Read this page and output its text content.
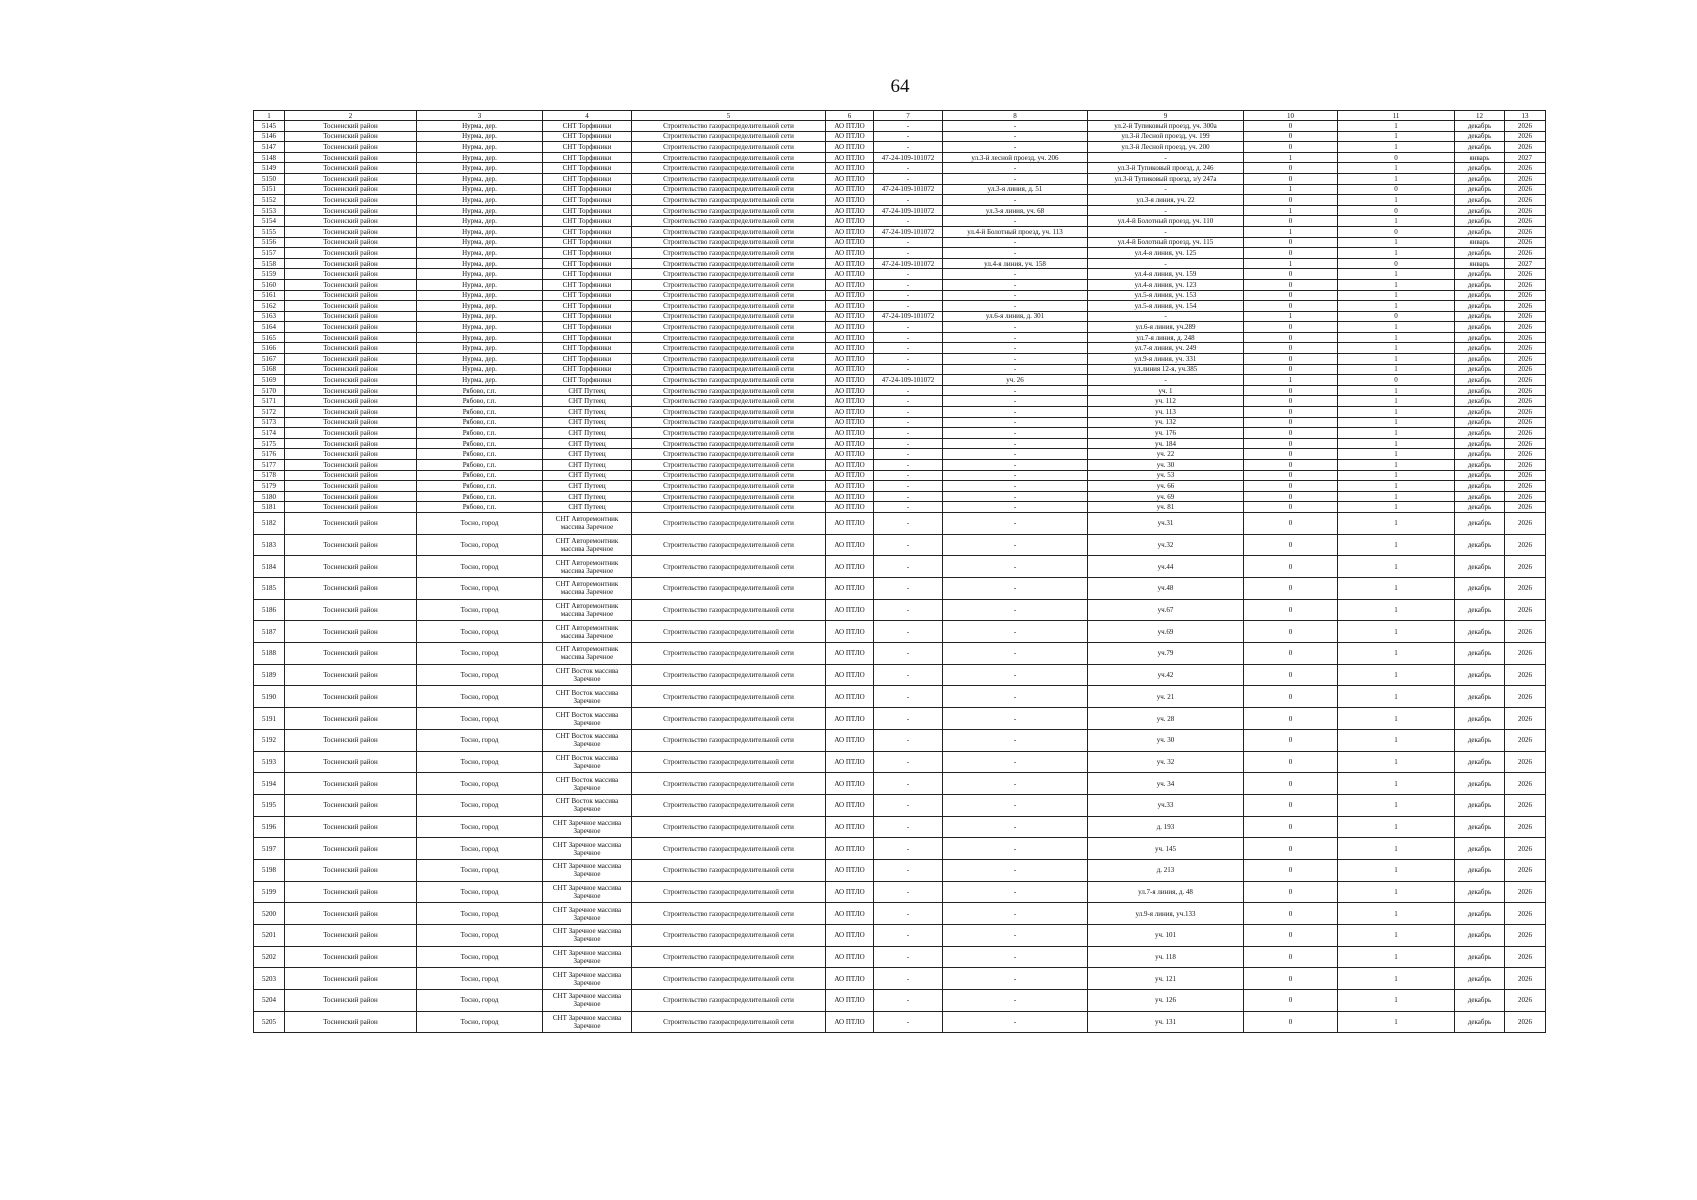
64
1	2	3	4	5	6	7	8	9	10	11	12	13
5145	Тосненский район	Нурма, дер.	СНТ Торфяники	Строительство газораспределительной сети	АО ПТЛО	-	-	ул.2-й Тупиковый проезд, уч. 300а	0	1	декабрь	2026
5146	Тосненский район	Нурма, дер.	СНТ Торфяники	Строительство газораспределительной сети	АО ПТЛО	-	-	ул.3-й Лесной проезд, уч. 199	0	1	декабрь	2026
5147	Тосненский район	Нурма, дер.	СНТ Торфяники	Строительство газораспределительной сети	АО ПТЛО	-	-	ул.3-й Лесной проезд, уч. 200	0	1	декабрь	2026
5148	Тосненский район	Нурма, дер.	СНТ Торфяники	Строительство газораспределительной сети	АО ПТЛО	47-24-109-101072	ул.3-й лесной проезд, уч. 206	-	1	0	январь	2027
5149	Тосненский район	Нурма, дер.	СНТ Торфяники	Строительство газораспределительной сети	АО ПТЛО	-	-	ул.3-й Тупиковый проезд, д. 246	0	1	декабрь	2026
5150	Тосненский район	Нурма, дер.	СНТ Торфяники	Строительство газораспределительной сети	АО ПТЛО	-	-	ул.3-й Тупиковый проезд, з/у 247а	0	1	декабрь	2026
5151	Тосненский район	Нурма, дер.	СНТ Торфяники	Строительство газораспределительной сети	АО ПТЛО	47-24-109-101072	ул.3-я линия, д. 51	-	1	0	декабрь	2026
5152	Тосненский район	Нурма, дер.	СНТ Торфяники	Строительство газораспределительной сети	АО ПТЛО	-	-	ул.3-я линия, уч. 22	0	1	декабрь	2026
5153	Тосненский район	Нурма, дер.	СНТ Торфяники	Строительство газораспределительной сети	АО ПТЛО	47-24-109-101072	ул.3-я линия, уч. 68	-	1	0	декабрь	2026
5154	Тосненский район	Нурма, дер.	СНТ Торфяники	Строительство газораспределительной сети	АО ПТЛО	-	-	ул.4-й Болотный проезд, уч. 110	0	1	декабрь	2026
5155	Тосненский район	Нурма, дер.	СНТ Торфяники	Строительство газораспределительной сети	АО ПТЛО	47-24-109-101072	ул.4-й Болотный проезд, уч. 113	-	1	0	декабрь	2026
5156	Тосненский район	Нурма, дер.	СНТ Торфяники	Строительство газораспределительной сети	АО ПТЛО	-	-	ул.4-й Болотный проезд, уч. 115	0	1	январь	2026
5157	Тосненский район	Нурма, дер.	СНТ Торфяники	Строительство газораспределительной сети	АО ПТЛО	-	-	ул.4-я линия, уч. 125	0	1	декабрь	2026
5158	Тосненский район	Нурма, дер.	СНТ Торфяники	Строительство газораспределительной сети	АО ПТЛО	47-24-109-101072	ул.4-я линия, уч. 158	-	1	0	январь	2027
5159	Тосненский район	Нурма, дер.	СНТ Торфяники	Строительство газораспределительной сети	АО ПТЛО	-	-	ул.4-я линия, уч. 159	0	1	декабрь	2026
5160	Тосненский район	Нурма, дер.	СНТ Торфяники	Строительство газораспределительной сети	АО ПТЛО	-	-	ул.4-я линия, уч. 123	0	1	декабрь	2026
5161	Тосненский район	Нурма, дер.	СНТ Торфяники	Строительство газораспределительной сети	АО ПТЛО	-	-	ул.5-я линия, уч. 153	0	1	декабрь	2026
5162	Тосненский район	Нурма, дер.	СНТ Торфяники	Строительство газораспределительной сети	АО ПТЛО	-	-	ул.5-я линия, уч. 154	0	1	декабрь	2026
5163	Тосненский район	Нурма, дер.	СНТ Торфяники	Строительство газораспределительной сети	АО ПТЛО	47-24-109-101072	ул.6-я линия, д. 301	-	1	0	декабрь	2026
5164	Тосненский район	Нурма, дер.	СНТ Торфяники	Строительство газораспределительной сети	АО ПТЛО	-	-	ул.6-я линия, уч.289	0	1	декабрь	2026
5165	Тосненский район	Нурма, дер.	СНТ Торфяники	Строительство газораспределительной сети	АО ПТЛО	-	-	ул.7-я линия, д. 248	0	1	декабрь	2026
5166	Тосненский район	Нурма, дер.	СНТ Торфяники	Строительство газораспределительной сети	АО ПТЛО	-	-	ул.7-я линия, уч. 249	0	1	декабрь	2026
5167	Тосненский район	Нурма, дер.	СНТ Торфяники	Строительство газораспределительной сети	АО ПТЛО	-	-	ул.9-я линия, уч. 331	0	1	декабрь	2026
5168	Тосненский район	Нурма, дер.	СНТ Торфяники	Строительство газораспределительной сети	АО ПТЛО	-	-	ул.линия 12-я, уч.385	0	1	декабрь	2026
5169	Тосненский район	Нурма, дер.	СНТ Торфяники	Строительство газораспределительной сети	АО ПТЛО	47-24-109-101072	уч. 26	-	1	0	декабрь	2026
5170	Тосненский район	Рябово, г.п.	СНТ Путеец	Строительство газораспределительной сети	АО ПТЛО	-	-	уч. 1	0	1	декабрь	2026
5171	Тосненский район	Рябово, г.п.	СНТ Путеец	Строительство газораспределительной сети	АО ПТЛО	-	-	уч. 112	0	1	декабрь	2026
5172	Тосненский район	Рябово, г.п.	СНТ Путеец	Строительство газораспределительной сети	АО ПТЛО	-	-	уч. 113	0	1	декабрь	2026
5173	Тосненский район	Рябово, г.п.	СНТ Путеец	Строительство газораспределительной сети	АО ПТЛО	-	-	уч. 132	0	1	декабрь	2026
5174	Тосненский район	Рябово, г.п.	СНТ Путеец	Строительство газораспределительной сети	АО ПТЛО	-	-	уч. 176	0	1	декабрь	2026
5175	Тосненский район	Рябово, г.п.	СНТ Путеец	Строительство газораспределительной сети	АО ПТЛО	-	-	уч. 184	0	1	декабрь	2026
5176	Тосненский район	Рябово, г.п.	СНТ Путеец	Строительство газораспределительной сети	АО ПТЛО	-	-	уч. 22	0	1	декабрь	2026
5177	Тосненский район	Рябово, г.п.	СНТ Путеец	Строительство газораспределительной сети	АО ПТЛО	-	-	уч. 30	0	1	декабрь	2026
5178	Тосненский район	Рябово, г.п.	СНТ Путеец	Строительство газораспределительной сети	АО ПТЛО	-	-	уч. 53	0	1	декабрь	2026
5179	Тосненский район	Рябово, г.п.	СНТ Путеец	Строительство газораспределительной сети	АО ПТЛО	-	-	уч. 66	0	1	декабрь	2026
5180	Тосненский район	Рябово, г.п.	СНТ Путеец	Строительство газораспределительной сети	АО ПТЛО	-	-	уч. 69	0	1	декабрь	2026
5181	Тосненский район	Рябово, г.п.	СНТ Путеец	Строительство газораспределительной сети	АО ПТЛО	-	-	уч. 81	0	1	декабрь	2026
5182	Тосненский район	Тосно, город	СНТ Авторемонтник массива Заречное	Строительство газораспределительной сети	АО ПТЛО	-	-	уч.31	0	1	декабрь	2026
5183	Тосненский район	Тосно, город	СНТ Авторемонтник массива Заречное	Строительство газораспределительной сети	АО ПТЛО	-	-	уч.32	0	1	декабрь	2026
5184	Тосненский район	Тосно, город	СНТ Авторемонтник массива Заречное	Строительство газораспределительной сети	АО ПТЛО	-	-	уч.44	0	1	декабрь	2026
5185	Тосненский район	Тосно, город	СНТ Авторемонтник массива Заречное	Строительство газораспределительной сети	АО ПТЛО	-	-	уч.48	0	1	декабрь	2026
5186	Тосненский район	Тосно, город	СНТ Авторемонтник массива Заречное	Строительство газораспределительной сети	АО ПТЛО	-	-	уч.67	0	1	декабрь	2026
5187	Тосненский район	Тосно, город	СНТ Авторемонтник массива Заречное	Строительство газораспределительной сети	АО ПТЛО	-	-	уч.69	0	1	декабрь	2026
5188	Тосненский район	Тосно, город	СНТ Авторемонтник массива Заречное	Строительство газораспределительной сети	АО ПТЛО	-	-	уч.79	0	1	декабрь	2026
5189	Тосненский район	Тосно, город	СНТ Восток массива Заречное	Строительство газораспределительной сети	АО ПТЛО	-	-	уч.42	0	1	декабрь	2026
5190	Тосненский район	Тосно, город	СНТ Восток массива Заречное	Строительство газораспределительной сети	АО ПТЛО	-	-	уч. 21	0	1	декабрь	2026
5191	Тосненский район	Тосно, город	СНТ Восток массива Заречное	Строительство газораспределительной сети	АО ПТЛО	-	-	уч. 28	0	1	декабрь	2026
5192	Тосненский район	Тосно, город	СНТ Восток массива Заречное	Строительство газораспределительной сети	АО ПТЛО	-	-	уч. 30	0	1	декабрь	2026
5193	Тосненский район	Тосно, город	СНТ Восток массива Заречное	Строительство газораспределительной сети	АО ПТЛО	-	-	уч. 32	0	1	декабрь	2026
5194	Тосненский район	Тосно, город	СНТ Восток массива Заречное	Строительство газораспределительной сети	АО ПТЛО	-	-	уч. 34	0	1	декабрь	2026
5195	Тосненский район	Тосно, город	СНТ Восток массива Заречное	Строительство газораспределительной сети	АО ПТЛО	-	-	уч.33	0	1	декабрь	2026
5196	Тосненский район	Тосно, город	СНТ Заречное массива Заречное	Строительство газораспределительной сети	АО ПТЛО	-	-	д. 193	0	1	декабрь	2026
5197	Тосненский район	Тосно, город	СНТ Заречное массива Заречное	Строительство газораспределительной сети	АО ПТЛО	-	-	уч. 145	0	1	декабрь	2026
5198	Тосненский район	Тосно, город	СНТ Заречное массива Заречное	Строительство газораспределительной сети	АО ПТЛО	-	-	д. 213	0	1	декабрь	2026
5199	Тосненский район	Тосно, город	СНТ Заречное массива Заречное	Строительство газораспределительной сети	АО ПТЛО	-	-	ул.7-я линия, д. 48	0	1	декабрь	2026
5200	Тосненский район	Тосно, город	СНТ Заречное массива Заречное	Строительство газораспределительной сети	АО ПТЛО	-	-	ул.9-я линия, уч.133	0	1	декабрь	2026
5201	Тосненский район	Тосно, город	СНТ Заречное массива Заречное	Строительство газораспределительной сети	АО ПТЛО	-	-	уч. 101	0	1	декабрь	2026
5202	Тосненский район	Тосно, город	СНТ Заречное массива Заречное	Строительство газораспределительной сети	АО ПТЛО	-	-	уч. 118	0	1	декабрь	2026
5203	Тосненский район	Тосно, город	СНТ Заречное массива Заречное	Строительство газораспределительной сети	АО ПТЛО	-	-	уч. 121	0	1	декабрь	2026
5204	Тосненский район	Тосно, город	СНТ Заречное массива Заречное	Строительство газораспределительной сети	АО ПТЛО	-	-	уч. 126	0	1	декабрь	2026
5205	Тосненский район	Тосно, город	СНТ Заречное массива Заречное	Строительство газораспределительной сети	АО ПТЛО	-	-	уч. 131	0	1	декабрь	2026
